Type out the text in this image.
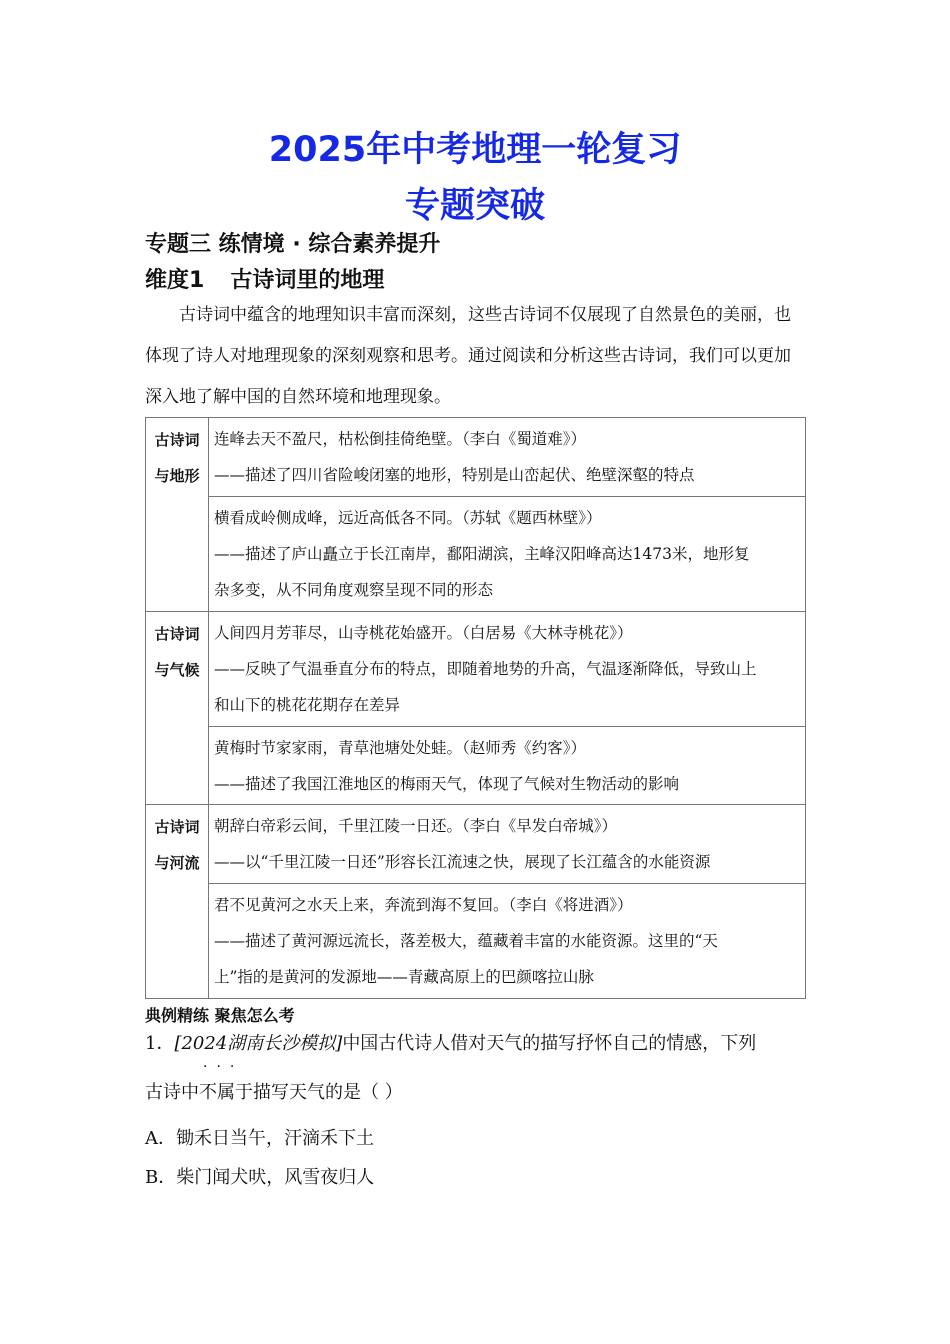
2025年中考地理一轮复习
专题突破
专题三 练情境 · 综合素养提升
维度1 古诗词里的地理
古诗词中蕴含的地理知识丰富而深刻，这些古诗词不仅展现了自然景色的美丽，也体现了诗人对地理现象的深刻观察和思考。通过阅读和分析这些古诗词，我们可以更加深入地了解中国的自然环境和地理现象。
古诗词
与地形
连峰去天不盈尺，枯松倒挂倚绝壁。（李白《蜀道难》）
——描述了四川省险峻闭塞的地形，特别是山峦起伏、绝壁深壑的特点
横看成岭侧成峰，远近高低各不同。（苏轼《题西林壁》）
——描述了庐山矗立于长江南岸，鄱阳湖滨，主峰汉阳峰高达1473米，地形复
杂多变，从不同角度观察呈现不同的形态
古诗词
与气候
人间四月芳菲尽，山寺桃花始盛开。（白居易《大林寺桃花》）
——反映了气温垂直分布的特点，即随着地势的升高，气温逐渐降低，导致山上
和山下的桃花花期存在差异
黄梅时节家家雨，青草池塘处处蛙。（赵师秀《约客》）
——描述了我国江淮地区的梅雨天气，体现了气候对生物活动的影响
古诗词
与河流
朝辞白帝彩云间，千里江陵一日还。（李白《早发白帝城》）
——以“千里江陵一日还”形容长江流速之快，展现了长江蕴含的水能资源
君不见黄河之水天上来，奔流到海不复回。（李白《将进酒》）
——描述了黄河源远流长，落差极大，蕴藏着丰富的水能资源。这里的“天
上”指的是黄河的发源地——青藏高原上的巴颜喀拉山脉
典例精练 聚焦怎么考
1．[2024湖南长沙模拟]中国古代诗人借对天气的描写抒怀自己的情感，下列
···
古诗中不属于描写天气的是（ ）
A．锄禾日当午，汗滴禾下土
B．柴门闻犬吠，风雪夜归人
